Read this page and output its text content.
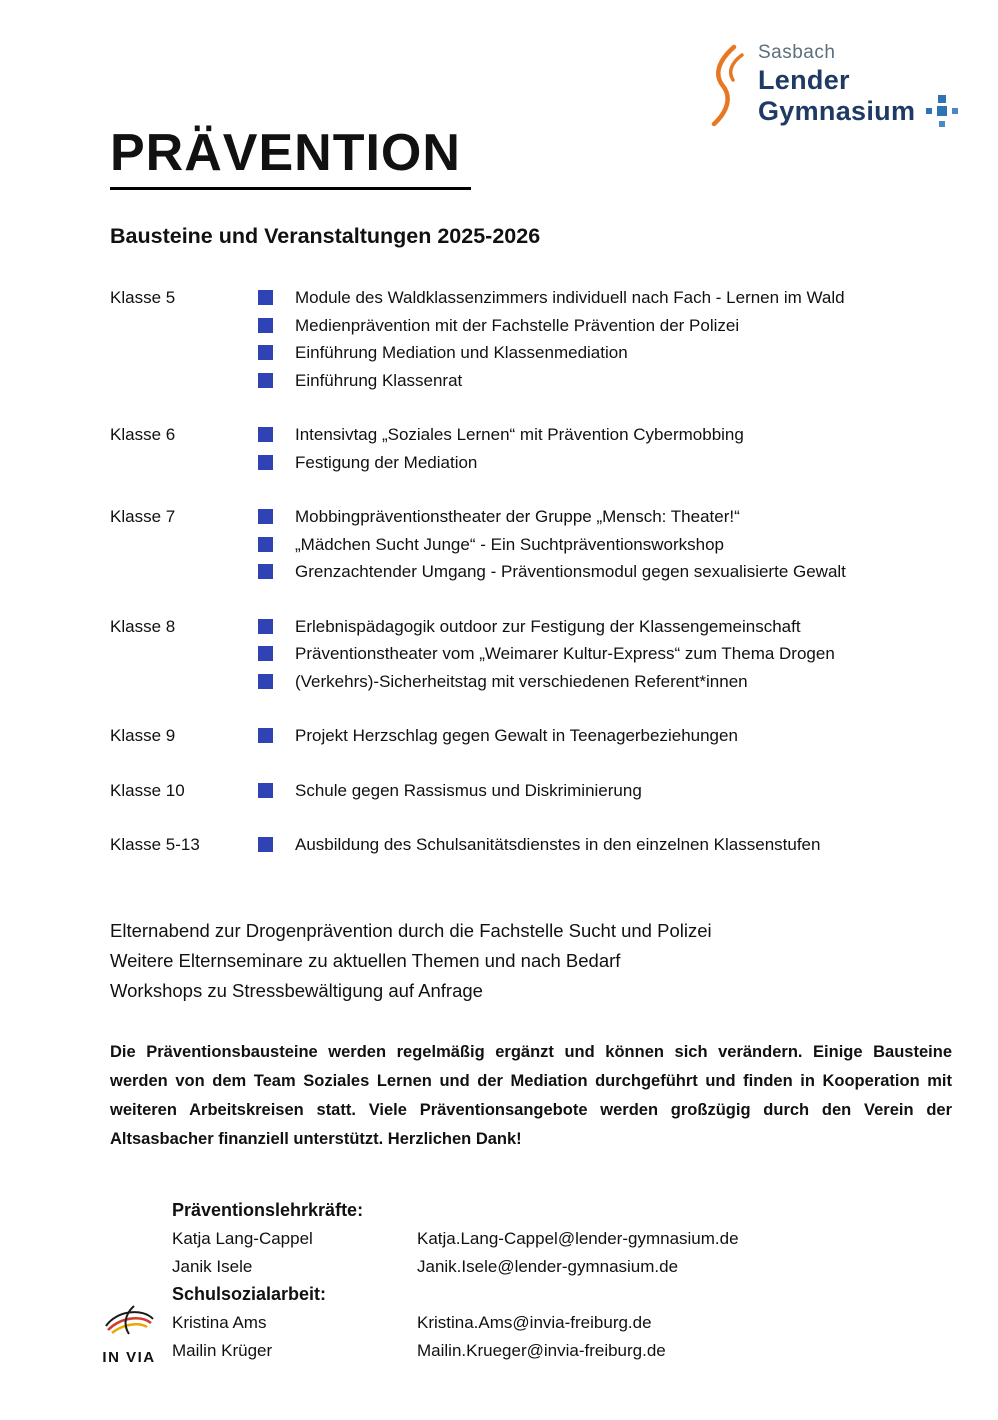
Sasbach
Lender
Gymnasium
PRÄVENTION
Bausteine und Veranstaltungen 2025-2026
Klasse 5	Module des Waldklassenzimmers individuell nach Fach - Lernen im Wald
Medienprävention mit der Fachstelle Prävention der Polizei
Einführung Mediation und Klassenmediation
Einführung Klassenrat
Klasse 6	Intensivtag „Soziales Lernen“ mit Prävention Cybermobbing
Festigung der Mediation
Klasse 7	Mobbingpräventionstheater der Gruppe „Mensch: Theater!“
„Mädchen Sucht Junge“ - Ein Suchtpräventionsworkshop
Grenzachtender Umgang - Präventionsmodul gegen sexualisierte Gewalt
Klasse 8	Erlebnispädagogik outdoor zur Festigung der Klassengemeinschaft
Präventionstheater vom „Weimarer Kultur-Express“ zum Thema Drogen
(Verkehrs)-Sicherheitstag mit verschiedenen Referent*innen
Klasse 9	Projekt Herzschlag gegen Gewalt in Teenagerbeziehungen
Klasse 10	Schule gegen Rassismus und Diskriminierung
Klasse 5-13	Ausbildung des Schulsanitätsdienstes in den einzelnen Klassenstufen
Elternabend zur Drogenprävention durch die Fachstelle Sucht und Polizei
Weitere Elternseminare zu aktuellen Themen und nach Bedarf
Workshops zu Stressbewältigung auf Anfrage

Die Präventionsbausteine werden regelmäßig ergänzt und können sich verändern. Einige Bausteine werden von dem Team Soziales Lernen und der Mediation durchgeführt und finden in Kooperation mit weiteren Arbeitskreisen statt. Viele Präventionsangebote werden großzügig durch den Verein der Altsasbacher finanziell unterstützt. Herzlichen Dank!

Präventionslehrkräfte:
Katja Lang-Cappel	Katja.Lang-Cappel@lender-gymnasium.de
Janik Isele	Janik.Isele@lender-gymnasium.de
Schulsozialarbeit:
Kristina Ams	Kristina.Ams@invia-freiburg.de
Mailin Krüger	Mailin.Krueger@invia-freiburg.de
IN VIA
